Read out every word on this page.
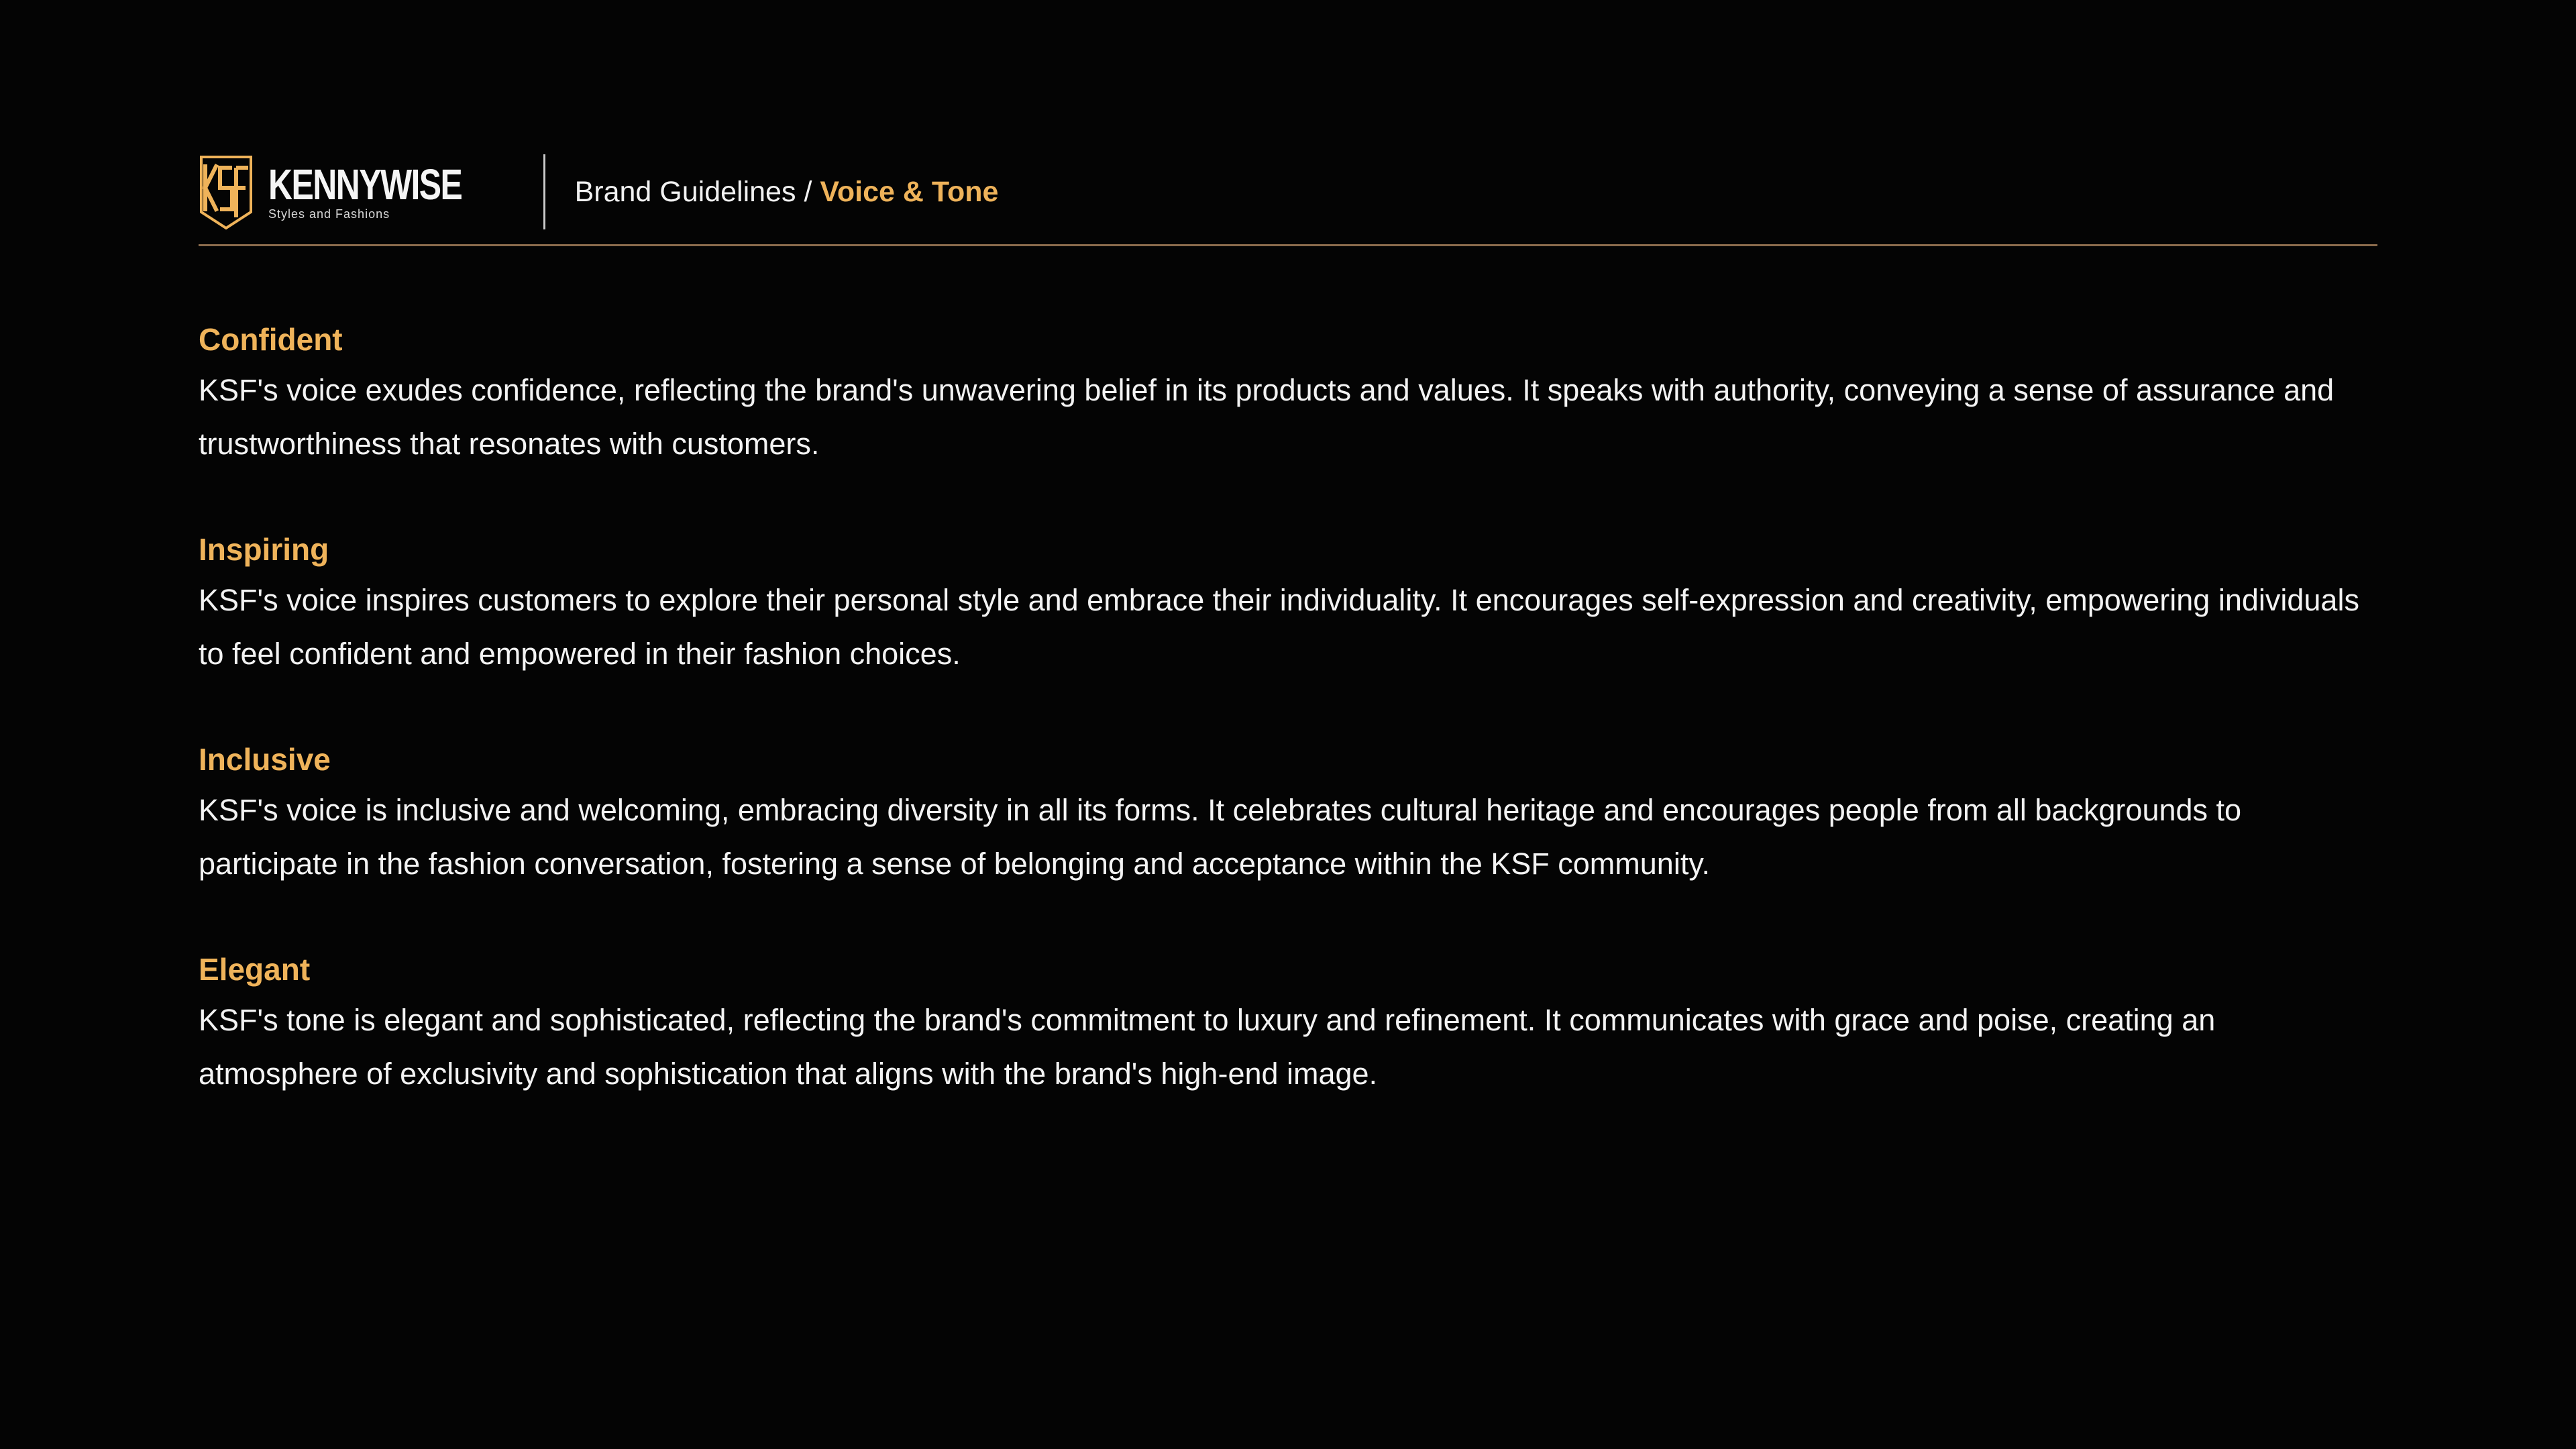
KENNYWISE
Styles and Fashions
Brand Guidelines / Voice & Tone
Confident

KSF's voice exudes confidence, reflecting the brand's unwavering belief in its products and values. It speaks with authority, conveying a sense of assurance and trustworthiness that resonates with customers.

Inspiring

KSF's voice inspires customers to explore their personal style and embrace their individuality. It encourages self-expression and creativity, empowering individuals to feel confident and empowered in their fashion choices.

Inclusive

KSF's voice is inclusive and welcoming, embracing diversity in all its forms. It celebrates cultural heritage and encourages people from all backgrounds to participate in the fashion conversation, fostering a sense of belonging and acceptance within the KSF community.

Elegant

KSF's tone is elegant and sophisticated, reflecting the brand's commitment to luxury and refinement. It communicates with grace and poise, creating an atmosphere of exclusivity and sophistication that aligns with the brand's high-end image.
